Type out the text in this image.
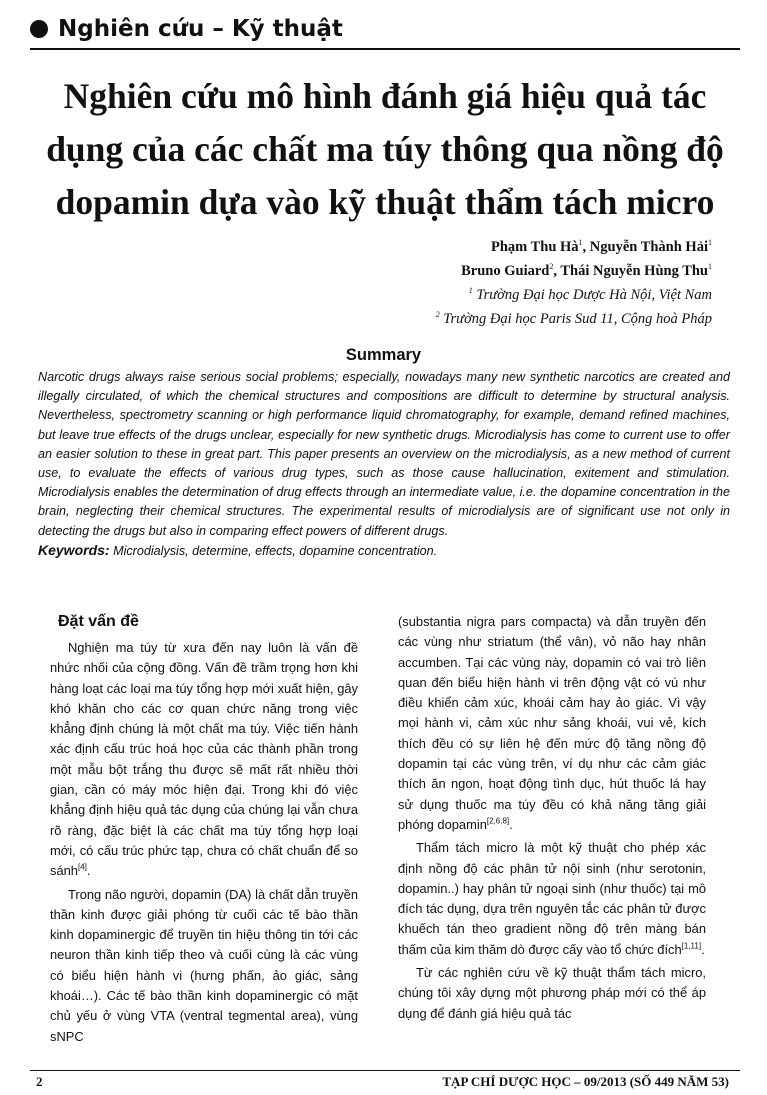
Nghiên cứu – Kỹ thuật
Nghiên cứu mô hình đánh giá hiệu quả tác dụng của các chất ma túy thông qua nồng độ dopamin dựa vào kỹ thuật thẩm tách micro
Phạm Thu $Hà^1$, Nguyễn Thành Hải$^1$
Bruno Guiard$^2$, Thái Nguyễn Hùng Thu$^1$
$^1$ Trường Đại học Dược Hà Nội, Việt Nam
$^2$ Trường Đại học Paris Sud 11, Cộng hoà Pháp
Summary

Narcotic drugs always raise serious social problems; especially, nowadays many new synthetic narcotics are created and illegally circulated, of which the chemical structures and compositions are difficult to determine by structural analysis. Nevertheless, spectrometry scanning or high performance liquid chromatography, for example, demand refined machines, but leave true effects of the drugs unclear, especially for new synthetic drugs. Microdialysis has come to current use to offer an easier solution to these in great part. This paper presents an overview on the microdialysis, as a new method of current use, to evaluate the effects of various drug types, such as those cause hallucination, exitement and stimulation. Microdialysis enables the determination of drug effects through an intermediate value, i.e. the dopamine concentration in the brain, neglecting their chemical structures. The experimental results of microdialysis are of significant use not only in detecting the drugs but also in comparing effect powers of different drugs.

Keywords: Microdialysis, determine, effects, dopamine concentration.

Đặt vấn đề

Nghiện ma túy từ xưa đến nay luôn là vấn đề nhức nhối của cộng đồng. Vấn đề trầm trọng hơn khi hàng loạt các loại ma túy tổng hợp mới xuất hiện, gây khó khăn cho các cơ quan chức năng trong việc khẳng định chúng là một chất ma túy. Việc tiến hành xác định cấu trúc hoá học của các thành phần trong một mẫu bột trắng thu được sẽ mất rất nhiều thời gian, cần có máy móc hiện đại. Trong khi đó việc khẳng định hiệu quả tác dụng của chúng lại vẫn chưa rõ ràng, đặc biệt là các chất ma túy tổng hợp loại mới, có cấu trúc phức tạp, chưa có chất chuẩn để so sánh[4].

Trong não người, dopamin (DA) là chất dẫn truyền thần kinh được giải phóng từ cuối các tế bào thần kinh dopaminergic để truyền tin hiệu thông tin tới các neuron thần kinh tiếp theo và cuối cùng là các vùng có biểu hiện hành vi (hưng phấn, ảo giác, sảng khoái…). Các tế bào thần kinh dopaminergic có mặt chủ yếu ở vùng VTA (ventral tegmental area), vùng sNPC

(substantia nigra pars compacta) và dẫn truyền đến các vùng như striatum (thể vân), vỏ não hay nhân accumben. Tại các vùng này, dopamin có vai trò liên quan đến biểu hiện hành vi trên động vật có vú như điều khiển cảm xúc, khoái cảm hay ảo giác. Vì vậy mọi hành vi, cảm xúc như sảng khoái, vui vẻ, kích thích đều có sự liên hệ đến mức độ tăng nồng độ dopamin tại các vùng trên, ví dụ như các cảm giác thích ăn ngon, hoạt động tình dục, hút thuốc lá hay sử dụng thuốc ma túy đều có khả năng tăng giải phóng dopamin[2,6,8].

Thẩm tách micro là một kỹ thuật cho phép xác định nồng độ các phân tử nội sinh (như serotonin, dopamin..) hay phân tử ngoại sinh (như thuốc) tại mô đích tác dụng, dựa trên nguyên tắc các phân tử được khuếch tán theo gradient nồng độ trên màng bán thấm của kim thăm dò được cấy vào tổ chức đích[1,11].

Từ các nghiên cứu về kỹ thuật thẩm tách micro, chúng tôi xây dựng một phương pháp mới có thể áp dụng để đánh giá hiệu quả tác

2	TẠP CHÍ DƯỢC HỌC – 09/2013 (SỐ 449 NĂM 53)
